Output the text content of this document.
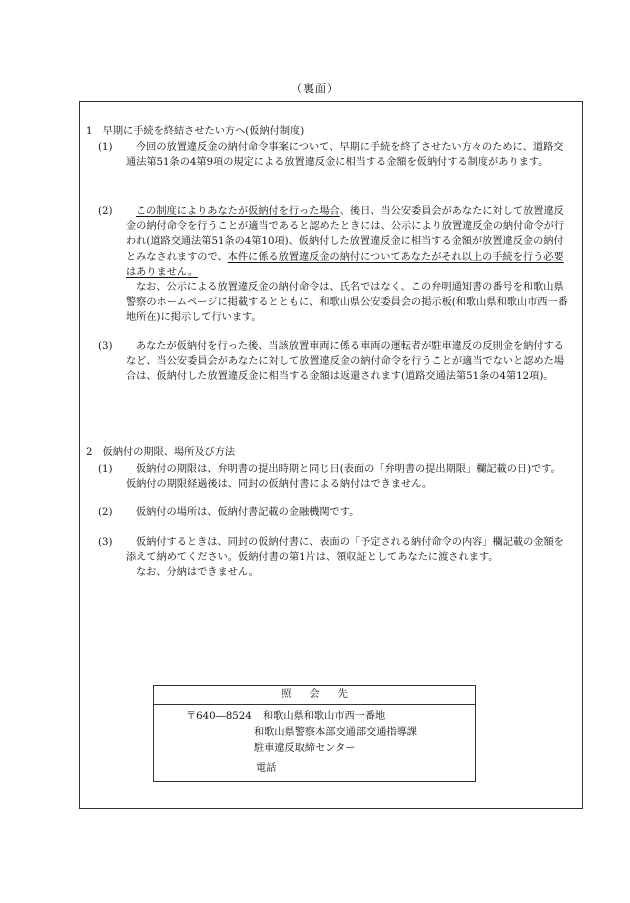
（裏面）
1　早期に手続を終結させたい方へ(仮納付制度)
(1)	今回の放置違反金の納付命令事案について、早期に手続を終了させたい方々のために、道路交通法第51条の4第9項の規定による放置違反金に相当する金額を仮納付する制度があります。
(2)	この制度によりあなたが仮納付を行った場合、後日、当公安委員会があなたに対して放置違反金の納付命令を行うことが適当であると認めたときには、公示により放置違反金の納付命令が行われ(道路交通法第51条の4第10項)、仮納付した放置違反金に相当する金額が放置違反金の納付とみなされますので、本件に係る放置違反金の納付についてあなたがそれ以上の手続を行う必要はありません。
なお、公示による放置違反金の納付命令は、氏名ではなく、この弁明通知書の番号を和歌山県警察のホームページに掲載するとともに、和歌山県公安委員会の掲示板(和歌山県和歌山市西一番地所在)に掲示して行います。
(3)	あなたが仮納付を行った後、当該放置車両に係る車両の運転者が駐車違反の反則金を納付するなど、当公安委員会があなたに対して放置違反金の納付命令を行うことが適当でないと認めた場合は、仮納付した放置違反金に相当する金額は返還されます(道路交通法第51条の4第12項)。
2　仮納付の期限、場所及び方法
(1)	仮納付の期限は、弁明書の提出時期と同じ日(表面の「弁明書の提出期限」欄記載の日)です。仮納付の期限経過後は、同封の仮納付書による納付はできません。
(2)	仮納付の場所は、仮納付書記載の金融機関です。
(3)	仮納付するときは、同封の仮納付書に、表面の「予定される納付命令の内容」欄記載の金額を添えて納めてください。仮納付書の第1片は、領収証としてあなたに渡されます。
なお、分納はできません。
照会先
〒640―8524 和歌山県和歌山市西一番地
和歌山県警察本部交通部交通指導課
駐車違反取締センター
電話
